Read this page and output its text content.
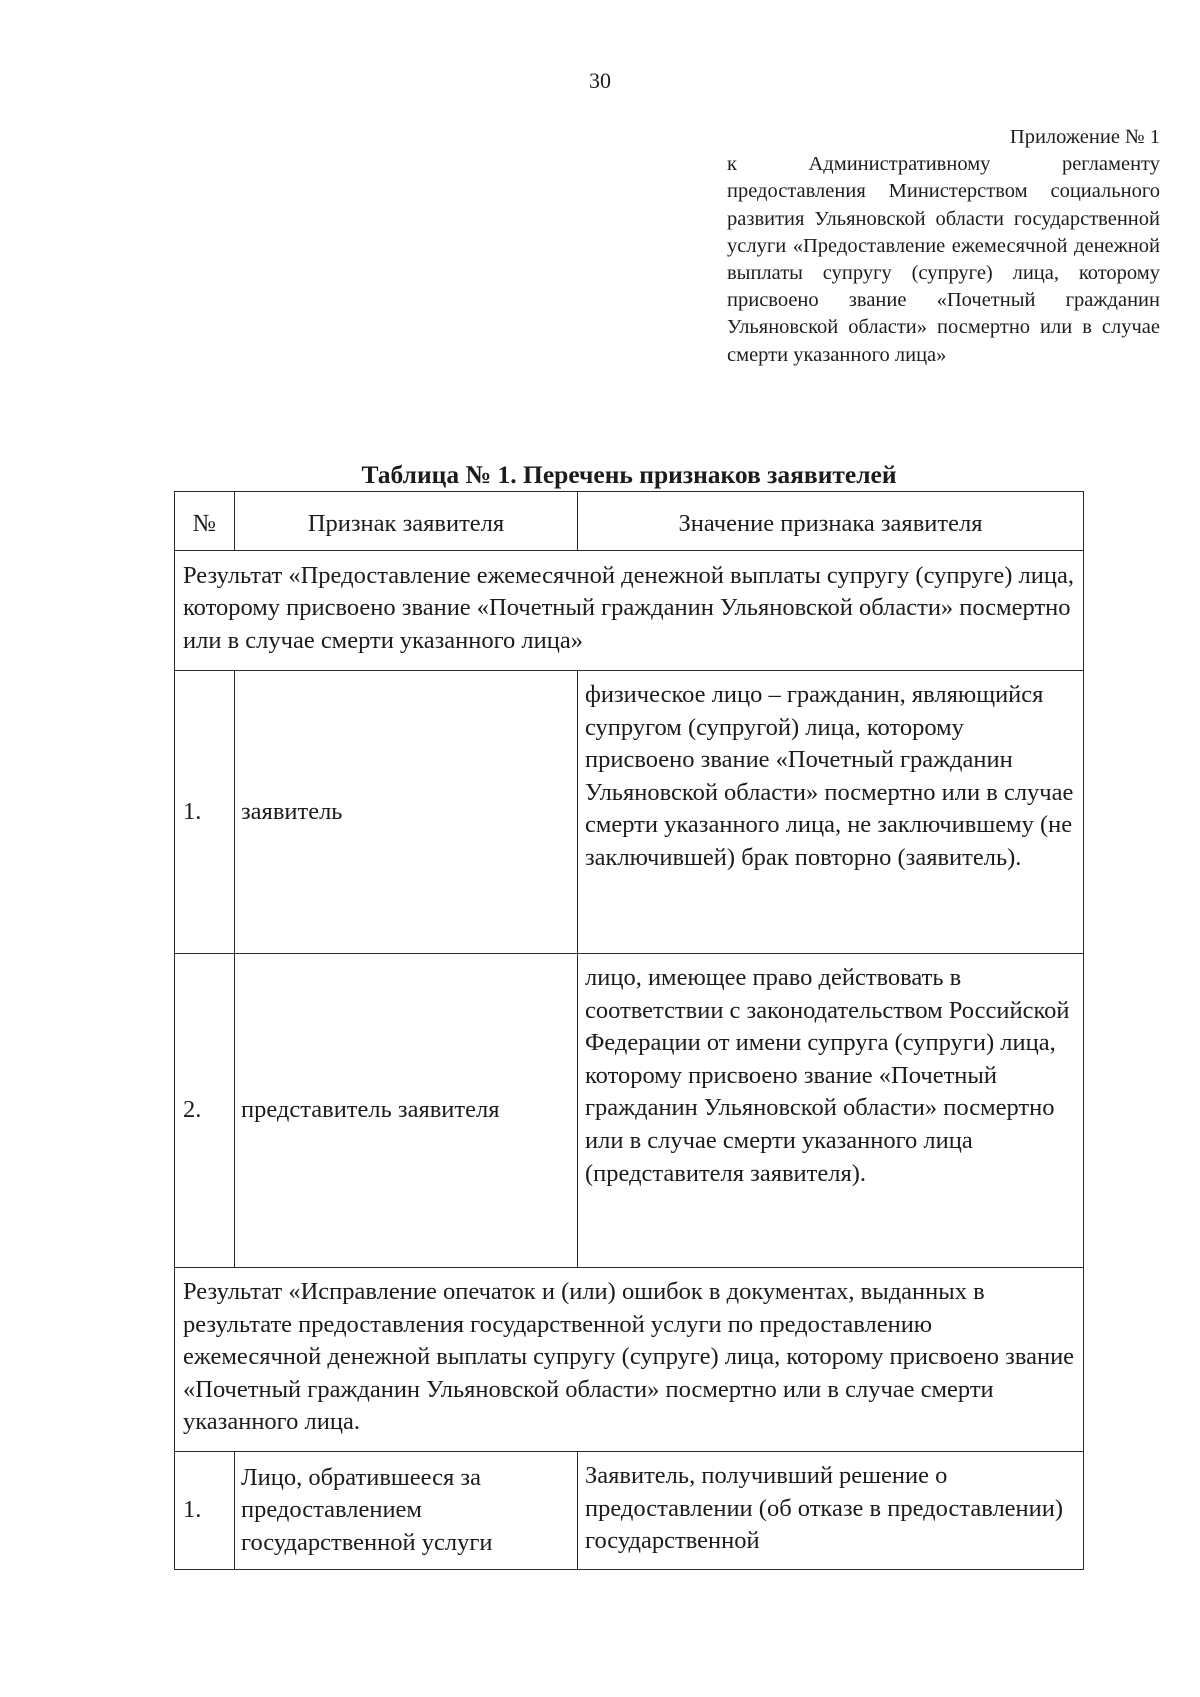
30

Приложение № 1

к Административному регламенту предоставления Министерством социального развития Ульяновской области государственной услуги «Предоставление ежемесячной денежной выплаты супругу (супруге) лица, которому присвоено звание «Почетный гражданин Ульяновской области» посмертно или в случае смерти указанного лица»

Таблица № 1. Перечень признаков заявителей
№	Признак заявителя	Значение признака заявителя
Результат «Предоставление ежемесячной денежной выплаты супругу (супруге) лица, которому присвоено звание «Почетный гражданин Ульяновской области» посмертно или в случае смерти указанного лица»		
1.	заявитель	физическое лицо – гражданин, являющийся супругом (супругой) лица, которому присвоено звание «Почетный гражданин Ульяновской области» посмертно или в случае смерти указанного лица, не заключившему (не заключившей) брак повторно (заявитель).
2.	представитель заявителя	лицо, имеющее право действовать в соответствии с законодательством Российской Федерации от имени супруга (супруги) лица, которому присвоено звание «Почетный гражданин Ульяновской области» посмертно или в случае смерти указанного лица (представителя заявителя).
Результат «Исправление опечаток и (или) ошибок в документах, выданных в результате предоставления государственной услуги по предоставлению ежемесячной денежной выплаты супругу (супруге) лица, которому присвоено звание «Почетный гражданин Ульяновской области» посмертно или в случае смерти указанного лица.		
1.	Лицо, обратившееся за предоставлением государственной услуги	Заявитель, получивший решение о предоставлении (об отказе в предоставлении) государственной
